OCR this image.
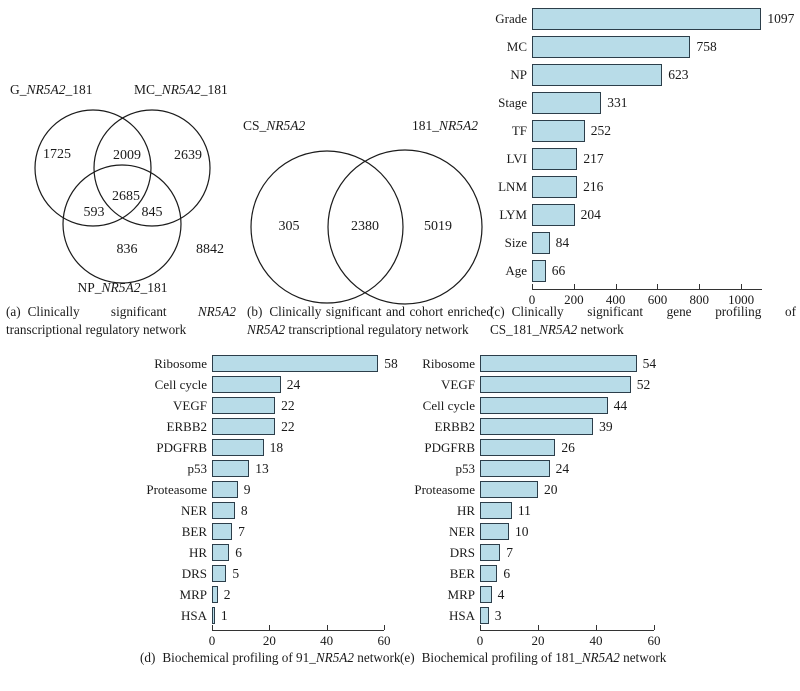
G_NR5A2_181	MC_NR5A2_181
1725	2009 2639
2685
593	845
836	8842
NP_NR5A2_181
CS_NR5A2	181_NR5A2
305	2380	5019
Grade	1097
MC	758
NP	623
Stage	331
TF	252
LVI	217
LNM	216
LYM	204
Size	84
Age	66
0 200 400 600 800 1000
Ribosome	58
Cell cycle	24
VEGF	22
ERBB2	22
PDGFRB	18
p53	13
Proteasome	9
NER	8
BER	7
HR	6
DRS	5
MRP	2
HSA	1
0	20	40	60
Ribosome	54
VEGF	52
Cell cycle	44
ERBB2	39
PDGFRB	26
p53	24
Proteasome	20
HR	11
NER	10
DRS	7
BER	6
MRP	4
HSA	3
0	20	40	60
(a) Clinically significant NR5A2 transcriptional regulatory network
(b) Clinically significant and cohort enriched NR5A2 transcriptional regulatory network
(c) Clinically significant gene profiling of CS_181_NR5A2 network
(d) Biochemical profiling of 91_NR5A2 network (e) Biochemical profiling of 181_NR5A2 network
